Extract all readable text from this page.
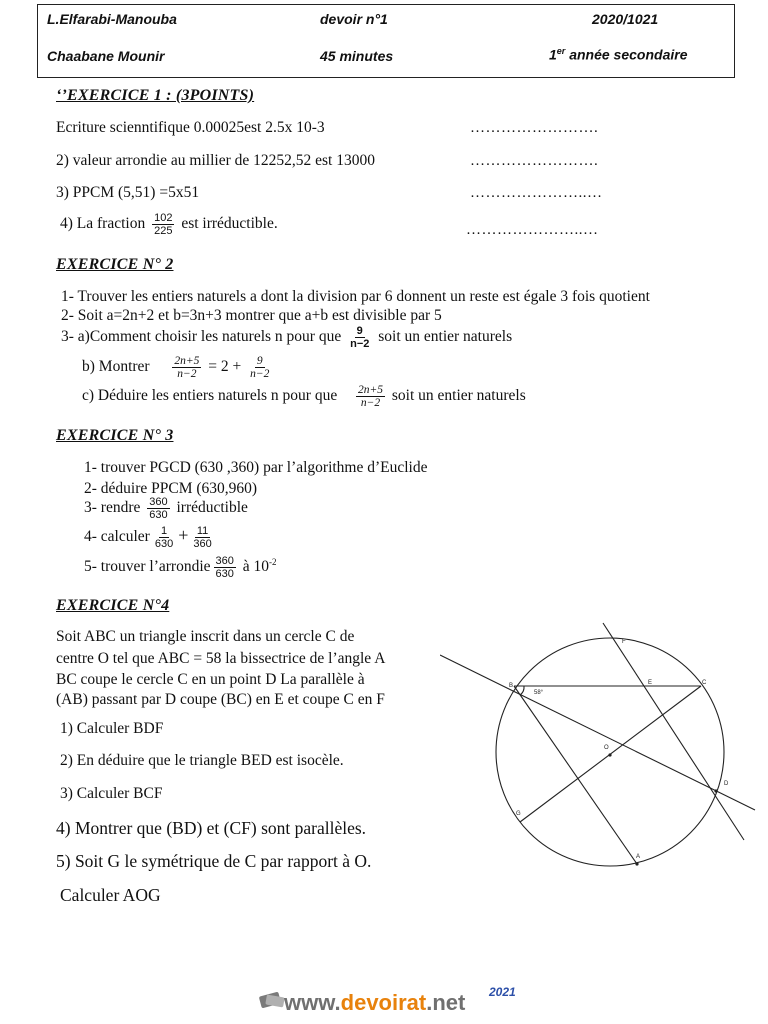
L.Elfarabi-Manouba	devoir n°1	2020/1021
Chaabane Mounir	45 minutes	1er année secondaire
‘’EXERCICE 1 : (3POINTS)
Ecriture scienntifique 0.00025est 2.5x 10-3	…………………….
2) valeur arrondie au millier de 12252,52 est 13000	…………………….
3) PPCM (5,51) =5x51	…………………..…
4) La fraction $\frac{102}{225}$ est irréductible.	…………………..…
EXERCICE N° 2
1- Trouver les entiers naturels a dont la division par 6 donnent un reste est égale 3 fois quotient
2- Soit a=2n+2 et b=3n+3 montrer que a+b est divisible par 5
3- a)Comment choisir les naturels n pour que $\frac{9}{n-2}$ soit un entier naturels
b) Montrer $\frac{2n+5}{n-2} = 2 + \frac{9}{n-2}$
c) Déduire les entiers naturels n pour que $\frac{2n+5}{n-2}$ soit un entier naturels
EXERCICE N° 3
1- trouver PGCD (630 ,360) par l’algorithme d’Euclide
2- déduire PPCM (630,960)
3- rendre $\frac{360}{630}$ irréductible
4- calculer $\frac{1}{630} + \frac{11}{360}$
5- trouver l’arrondie $\frac{360}{630}$ à $10^{-2}$
EXERCICE N°4
Soit ABC un triangle inscrit dans un cercle C de
centre O tel que ABC = 58 la bissectrice de l’angle A
BC coupe le cercle C en un point D La parallèle à
(AB) passant par D coupe (BC) en E et coupe C en F
1) Calculer BDF
2) En déduire que le triangle BED est isocèle.
3) Calculer BCF
4) Montrer que (BD) et (CF) sont parallèles.
5) Soit G le symétrique de C par rapport à O.
Calculer AOG
F
B	E	C
O
D
G
A
58°
www.devoirat.net 2021
